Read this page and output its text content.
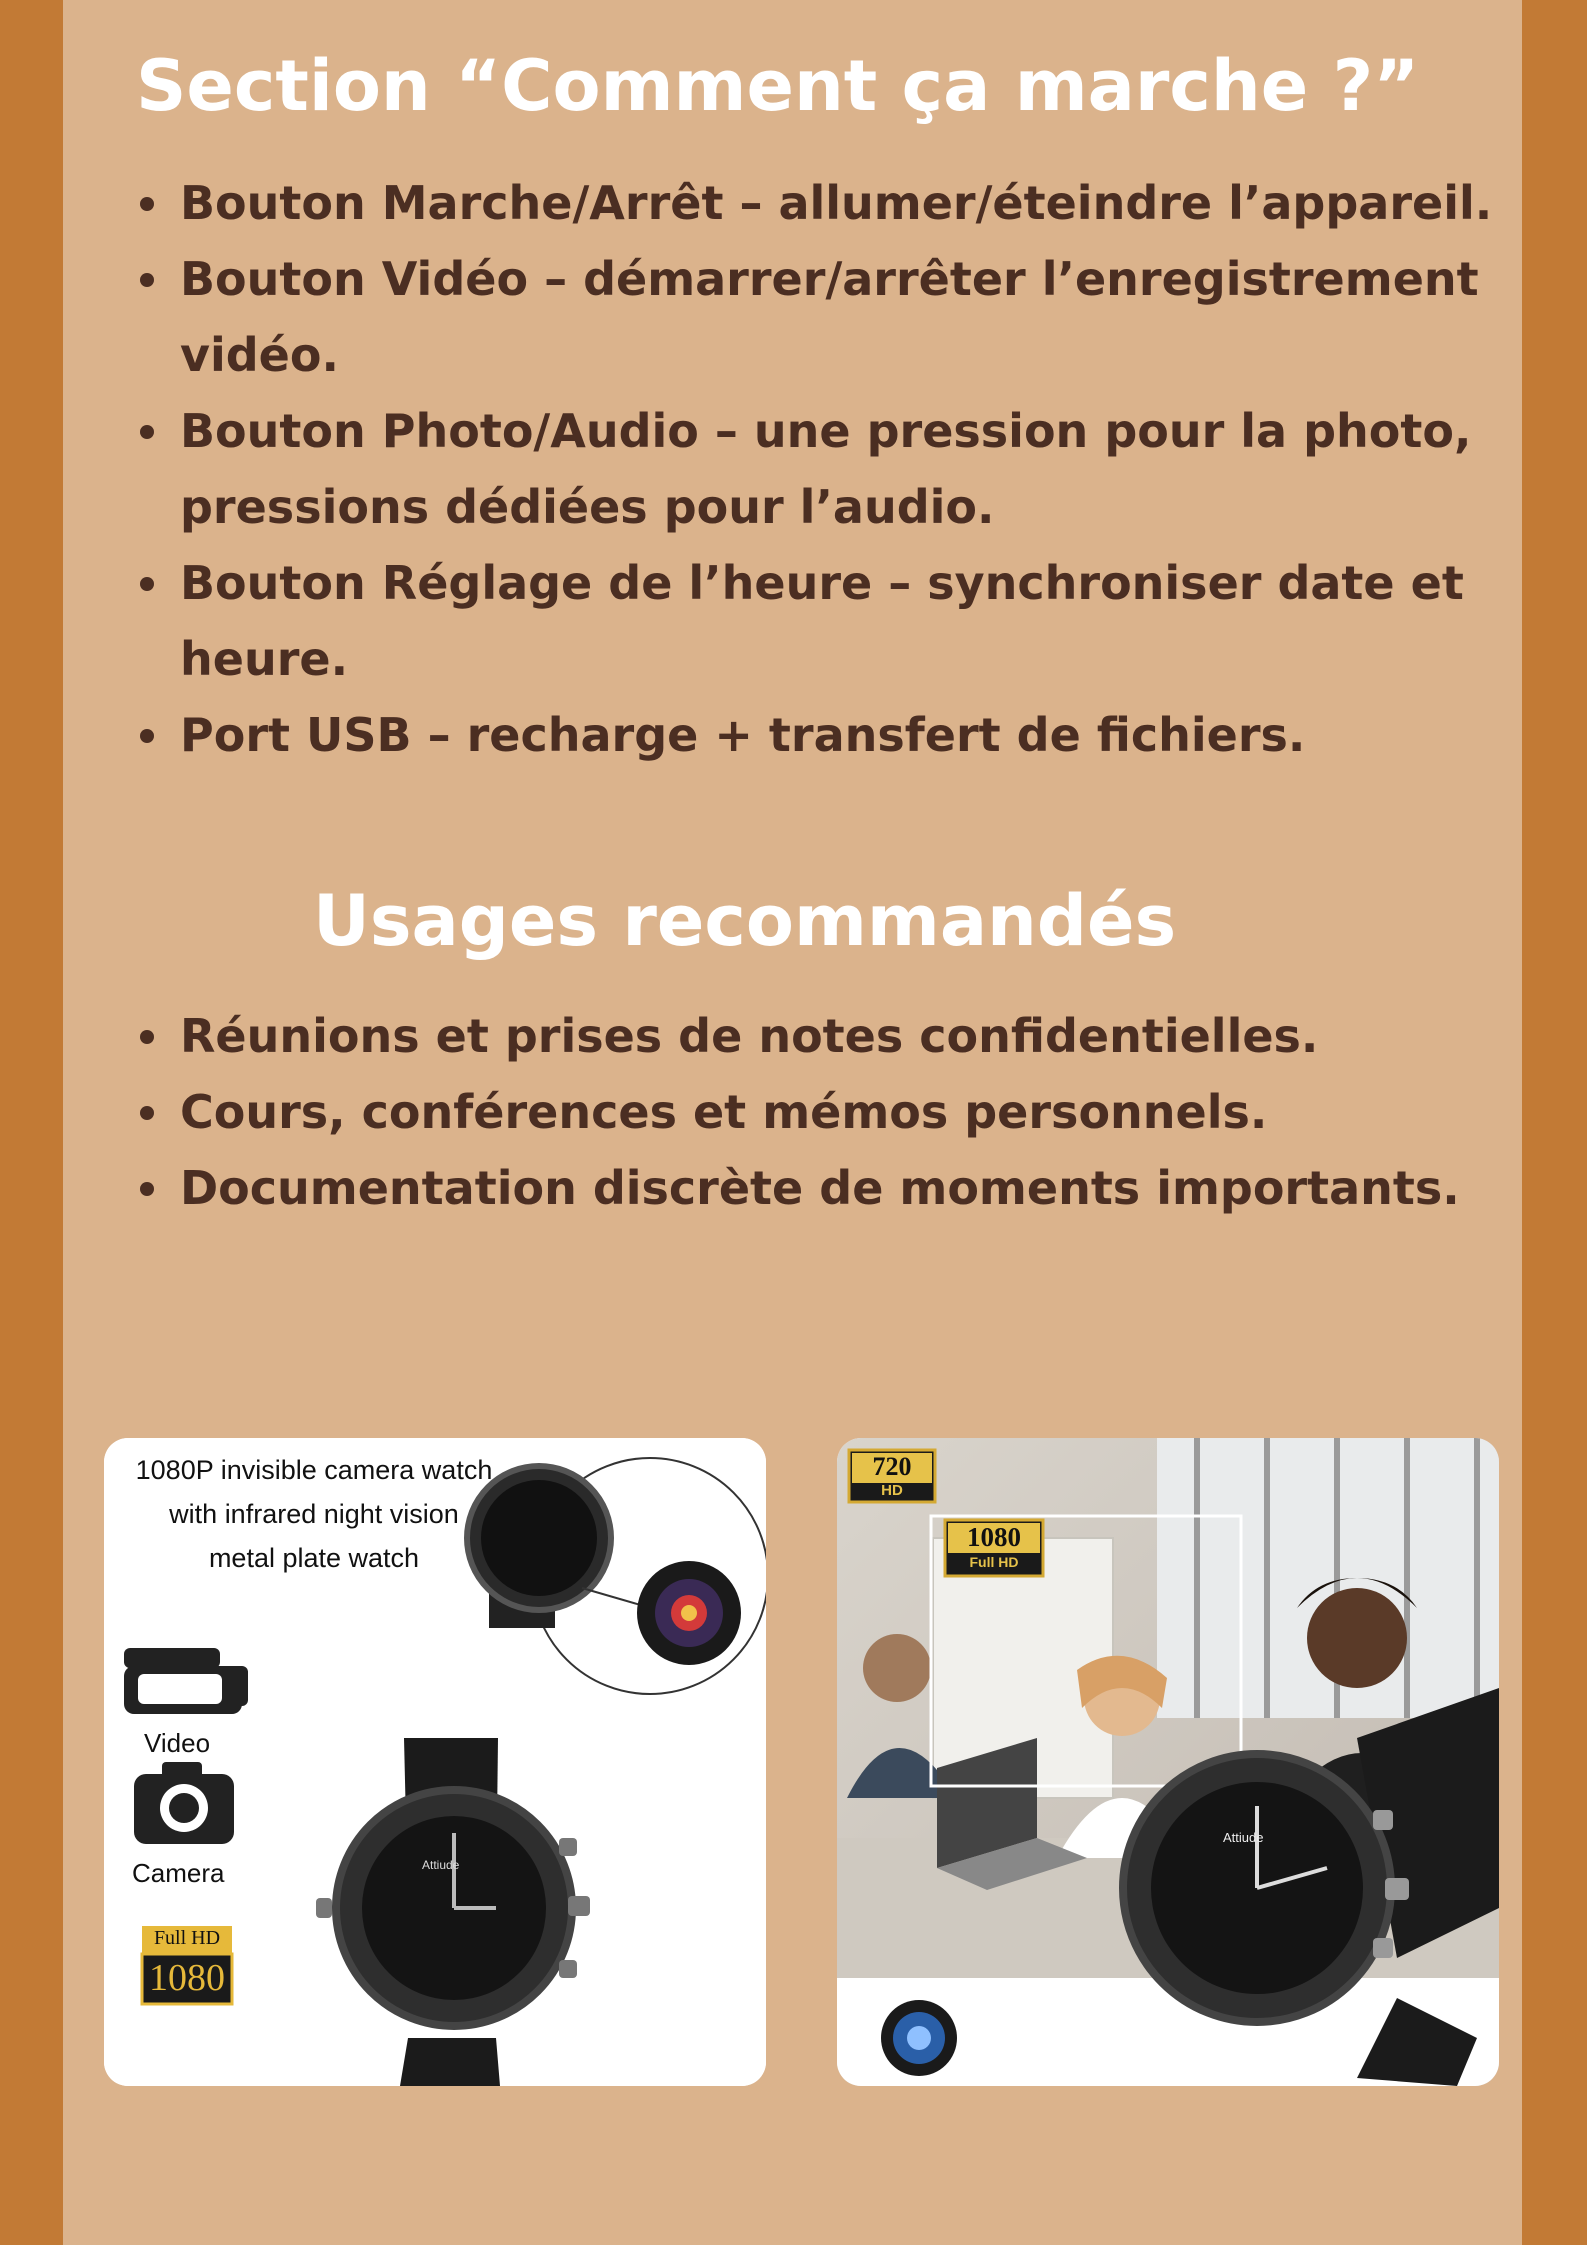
Section “Comment ça marche ?”
Bouton Marche/Arrêt – allumer/éteindre l’appareil.
Bouton Vidéo – démarrer/arrêter l’enregistrement vidéo.
Bouton Photo/Audio – une pression pour la photo, pressions dédiées pour l’audio.
Bouton Réglage de l’heure – synchroniser date et heure.
Port USB – recharge + transfert de fichiers.
Usages recommandés
Réunions et prises de notes confidentielles.
Cours, conférences et mémos personnels.
Documentation discrète de moments importants.
1080P invisible camera watch
with infrared night vision
metal plate watch
Video
Camera
Full HD
1080
Attiude
720
HD
1080
Full HD
Attiude
